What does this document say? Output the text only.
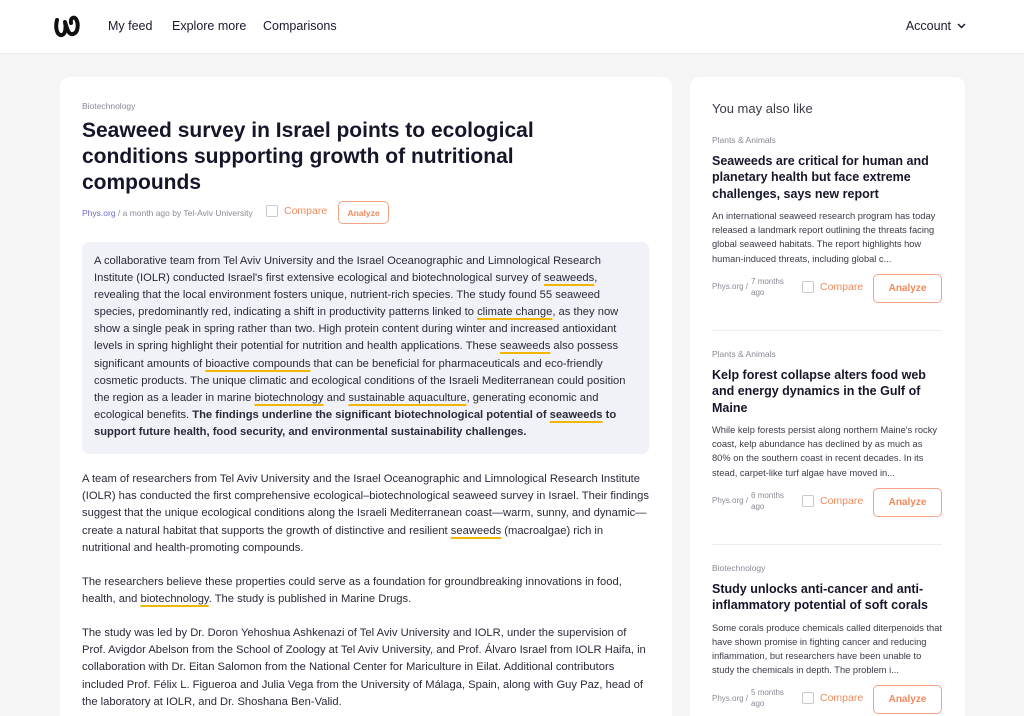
My feed Explore more Comparisons	Account
Biotechnology
Seaweed survey in Israel points to ecological conditions supporting growth of nutritional compounds
Phys.org / a month ago by Tel-Aviv University	Compare	Analyze
A collaborative team from Tel Aviv University and the Israel Oceanographic and Limnological Research Institute (IOLR) conducted Israel's first extensive ecological and biotechnological survey of seaweeds, revealing that the local environment fosters unique, nutrient-rich species. The study found 55 seaweed species, predominantly red, indicating a shift in productivity patterns linked to climate change, as they now show a single peak in spring rather than two. High protein content during winter and increased antioxidant levels in spring highlight their potential for nutrition and health applications. These seaweeds also possess significant amounts of bioactive compounds that can be beneficial for pharmaceuticals and eco-friendly cosmetic products. The unique climatic and ecological conditions of the Israeli Mediterranean could position the region as a leader in marine biotechnology and sustainable aquaculture, generating economic and ecological benefits. The findings underline the significant biotechnological potential of seaweeds to support future health, food security, and environmental sustainability challenges.
A team of researchers from Tel Aviv University and the Israel Oceanographic and Limnological Research Institute (IOLR) has conducted the first comprehensive ecological–biotechnological seaweed survey in Israel. Their findings suggest that the unique ecological conditions along the Israeli Mediterranean coast—warm, sunny, and dynamic—create a natural habitat that supports the growth of distinctive and resilient seaweeds (macroalgae) rich in nutritional and health-promoting compounds.
The researchers believe these properties could serve as a foundation for groundbreaking innovations in food, health, and biotechnology. The study is published in Marine Drugs.
The study was led by Dr. Doron Yehoshua Ashkenazi of Tel Aviv University and IOLR, under the supervision of Prof. Avigdor Abelson from the School of Zoology at Tel Aviv University, and Prof. Álvaro Israel from IOLR Haifa, in collaboration with Dr. Eitan Salomon from the National Center for Mariculture in Eilat. Additional contributors included Prof. Félix L. Figueroa and Julia Vega from the University of Málaga, Spain, along with Guy Paz, head of the laboratory at IOLR, and Dr. Shoshana Ben-Valid.
You may also like
Plants & Animals
Seaweeds are critical for human and planetary health but face extreme challenges, says new report
An international seaweed research program has today released a landmark report outlining the threats facing global seaweed habitats. The report highlights how human-induced threats, including global c...
Phys.org /
7 months ago	Compare	Analyze
Plants & Animals
Kelp forest collapse alters food web and energy dynamics in the Gulf of Maine
While kelp forests persist along northern Maine's rocky coast, kelp abundance has declined by as much as 80% on the southern coast in recent decades. In its stead, carpet-like turf algae have moved in...
Phys.org /
6 months ago	Compare	Analyze
Biotechnology
Study unlocks anti-cancer and anti-inflammatory potential of soft corals
Some corals produce chemicals called diterpenoids that have shown promise in fighting cancer and reducing inflammation, but researchers have been unable to study the chemicals in depth. The problem i...
Phys.org /
5 months ago	Compare	Analyze
